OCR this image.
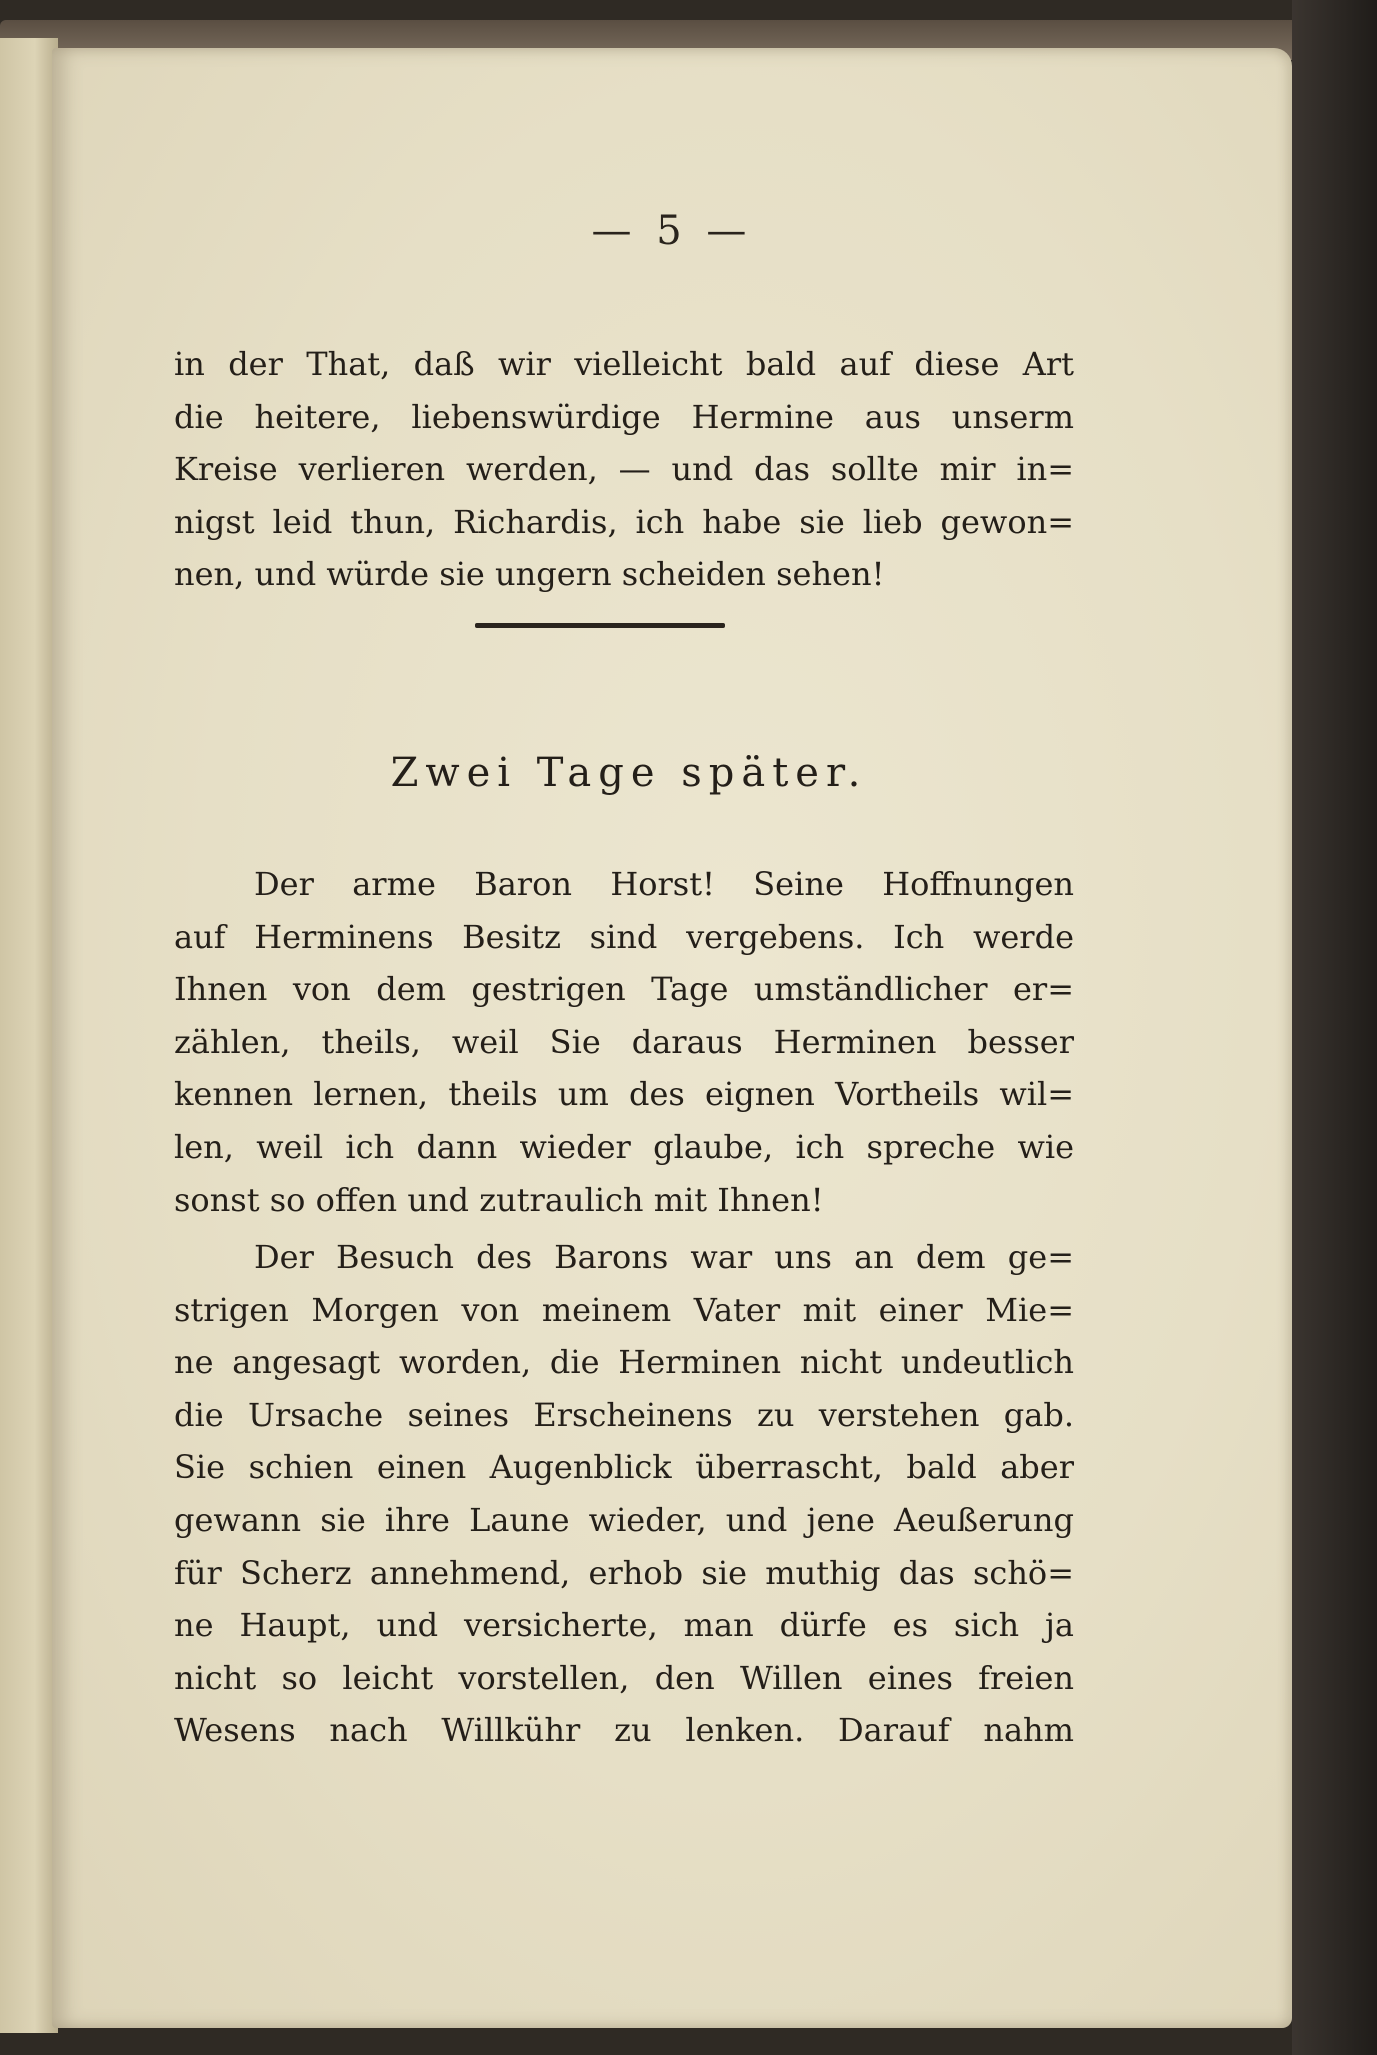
— 5 —
in der That, daß wir vielleicht bald auf diese Art
die heitere, liebenswürdige Hermine aus unserm
Kreise verlieren werden, — und das sollte mir in=
nigst leid thun, Richardis, ich habe sie lieb gewon=
nen, und würde sie ungern scheiden sehen!
Zwei Tage später.
Der arme Baron Horst! Seine Hoffnungen
auf Herminens Besitz sind vergebens. Ich werde
Ihnen von dem gestrigen Tage umständlicher er=
zählen, theils, weil Sie daraus Herminen besser
kennen lernen, theils um des eignen Vortheils wil=
len, weil ich dann wieder glaube, ich spreche wie
sonst so offen und zutraulich mit Ihnen!
Der Besuch des Barons war uns an dem ge=
strigen Morgen von meinem Vater mit einer Mie=
ne angesagt worden, die Herminen nicht undeutlich
die Ursache seines Erscheinens zu verstehen gab.
Sie schien einen Augenblick überrascht, bald aber
gewann sie ihre Laune wieder, und jene Aeußerung
für Scherz annehmend, erhob sie muthig das schö=
ne Haupt, und versicherte, man dürfe es sich ja
nicht so leicht vorstellen, den Willen eines freien
Wesens nach Willkühr zu lenken. Darauf nahm
